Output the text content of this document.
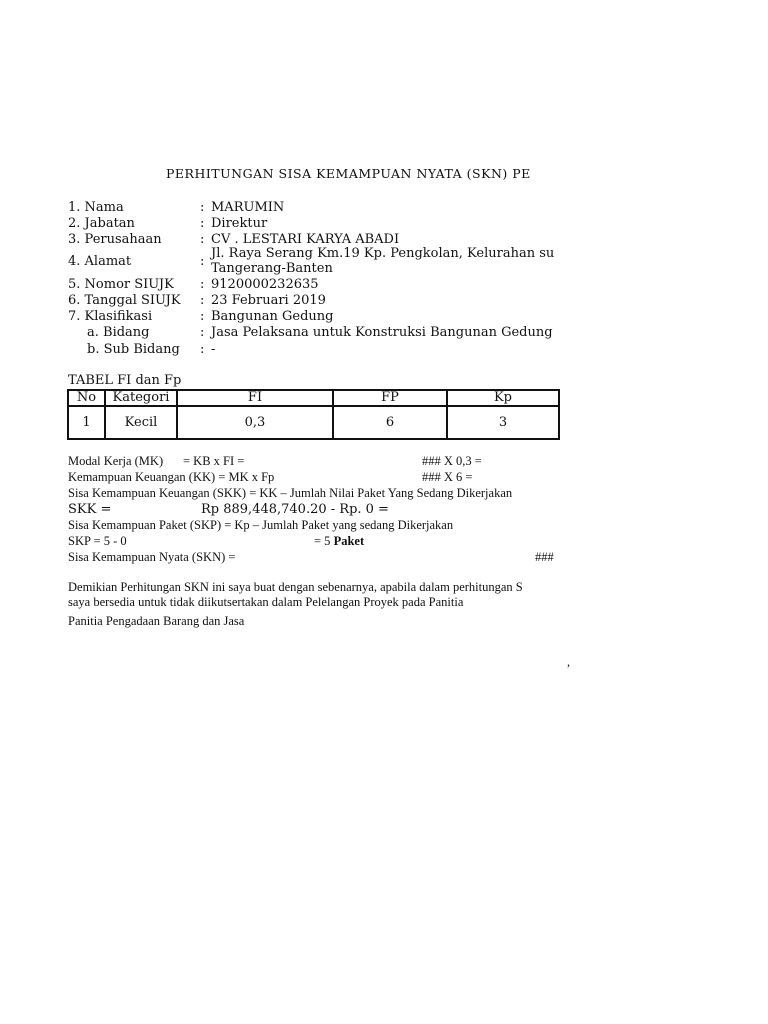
PERHITUNGAN SISA KEMAMPUAN NYATA (SKN) PE
1. Nama	: MARUMIN
2. Jabatan	: Direktur
3. Perusahaan	: CV . LESTARI KARYA ABADI
4. Alamat	:
Jl. Raya Serang Km.19 Kp. Pengkolan, Kelurahan su
Tangerang-Banten
5. Nomor SIUJK : 9120000232635
6. Tanggal SIUJK : 23 Februari 2019
7. Klasifikasi	: Bangunan Gedung
a. Bidang	: Jasa Pelaksana untuk Konstruksi Bangunan Gedung
b. Sub Bidang : -
TABEL FI dan Fp
No	Kategori	FI	FP	Kp
1	Kecil	0,3	6	3
Modal Kerja (MK) = KB x FI =	### X 0,3 =
Kemampuan Keuangan (KK) = MK x Fp	### X 6 =
Sisa Kemampuan Keuangan (SKK) = KK – Jumlah Nilai Paket Yang Sedang Dikerjakan
SKK =	Rp 889,448,740.20 - Rp. 0 =
Sisa Kemampuan Paket (SKP) = Kp – Jumlah Paket yang sedang Dikerjakan
SKP = 5 - 0	= 5 Paket
Sisa Kemampuan Nyata (SKN) =	###
Demikian Perhitungan SKN ini saya buat dengan sebenarnya, apabila dalam perhitungan S
saya bersedia untuk tidak diikutsertakan dalam Pelelangan Proyek pada Panitia
Panitia Pengadaan Barang dan Jasa
,
